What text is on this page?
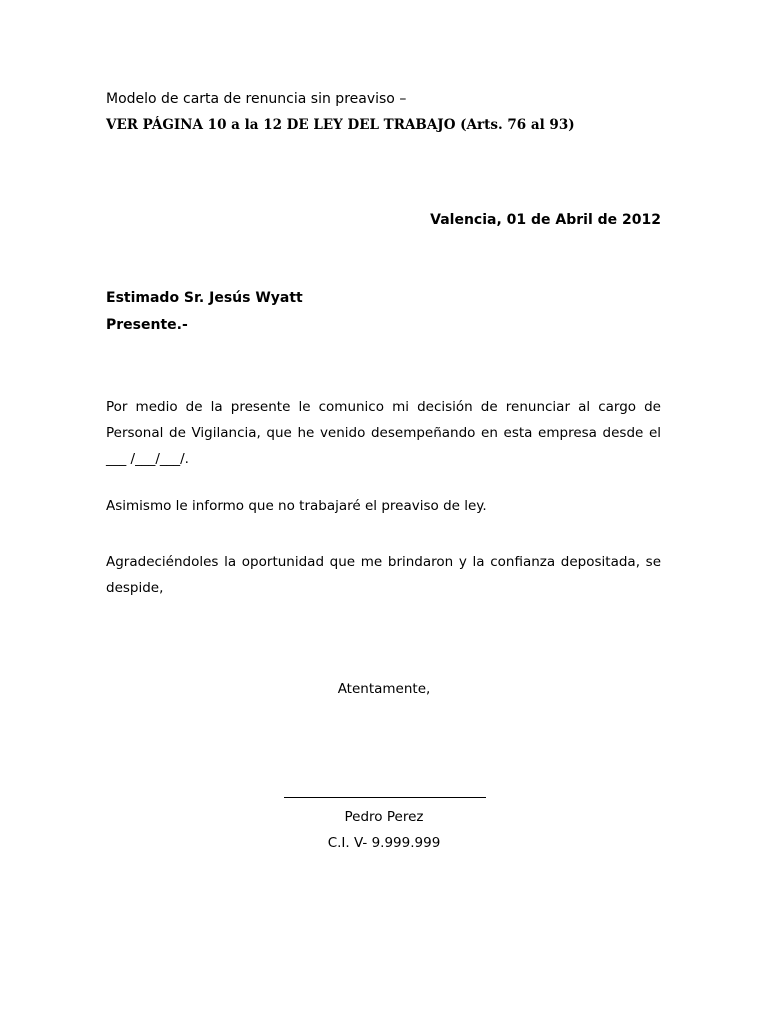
Modelo de carta de renuncia sin preaviso –
VER PÁGINA 10 a la 12 DE LEY DEL TRABAJO (Arts. 76 al 93)
Valencia, 01 de Abril de 2012
Estimado Sr. Jesús Wyatt
Presente.-
Por medio de la presente le comunico mi decisión de renunciar al cargo de Personal de Vigilancia, que he venido desempeñando en esta empresa desde el ___ /___/___/.
Asimismo le informo que no trabajaré el preaviso de ley.
Agradeciéndoles la oportunidad que me brindaron y la confianza depositada, se despide,
Atentamente,
Pedro Perez
C.I. V- 9.999.999
